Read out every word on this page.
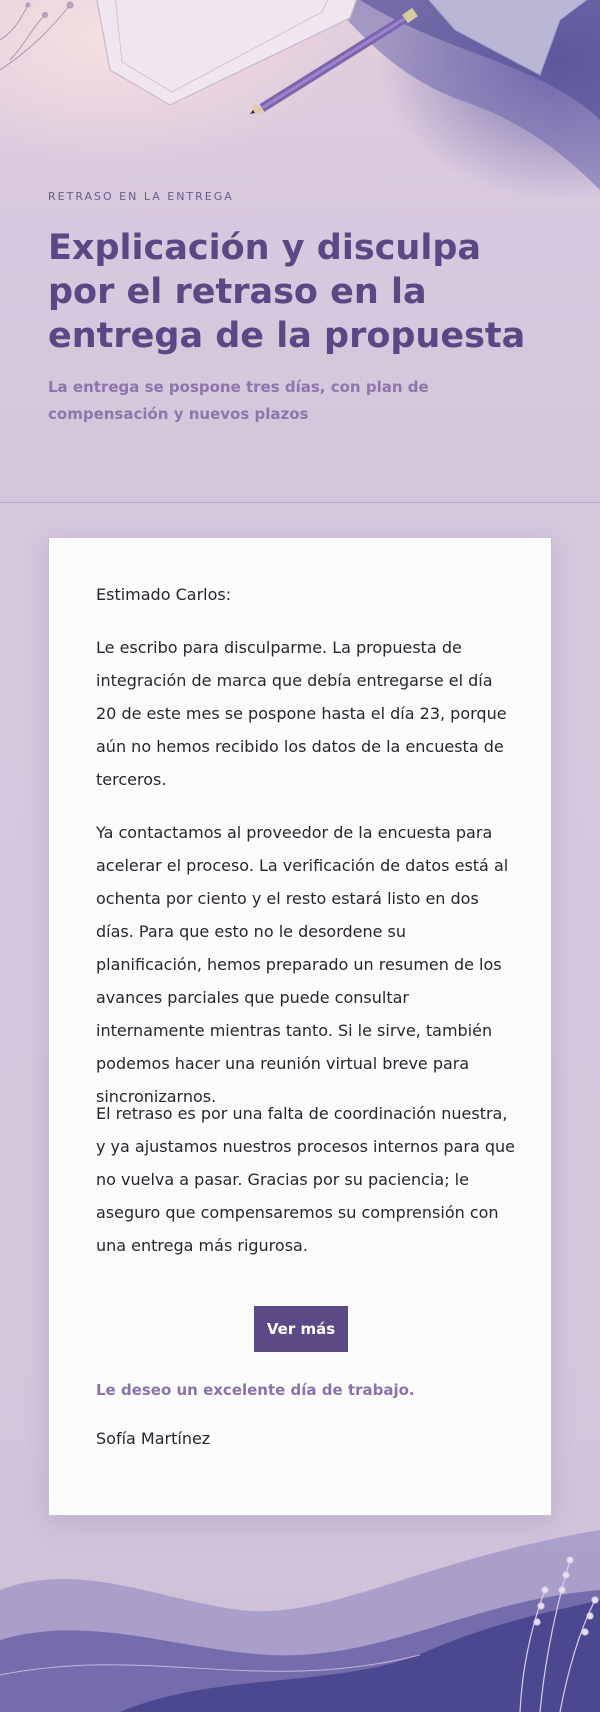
RETRASO EN LA ENTREGA
Explicación y disculpa por el retraso en la entrega de la propuesta

La entrega se pospone tres días, con plan de compensación y nuevos plazos

Estimado Carlos:

Le escribo para disculparme. La propuesta de integración de marca que debía entregarse el día 20 de este mes se pospone hasta el día 23, porque aún no hemos recibido los datos de la encuesta de terceros.

Ya contactamos al proveedor de la encuesta para acelerar el proceso. La verificación de datos está al ochenta por ciento y el resto estará listo en dos días. Para que esto no le desordene su planificación, hemos preparado un resumen de los avances parciales que puede consultar internamente mientras tanto. Si le sirve, también podemos hacer una reunión virtual breve para sincronizarnos.

El retraso es por una falta de coordinación nuestra, y ya ajustamos nuestros procesos internos para que no vuelva a pasar. Gracias por su paciencia; le aseguro que compensaremos su comprensión con una entrega más rigurosa.

Ver más

Le deseo un excelente día de trabajo.

Sofía Martínez
